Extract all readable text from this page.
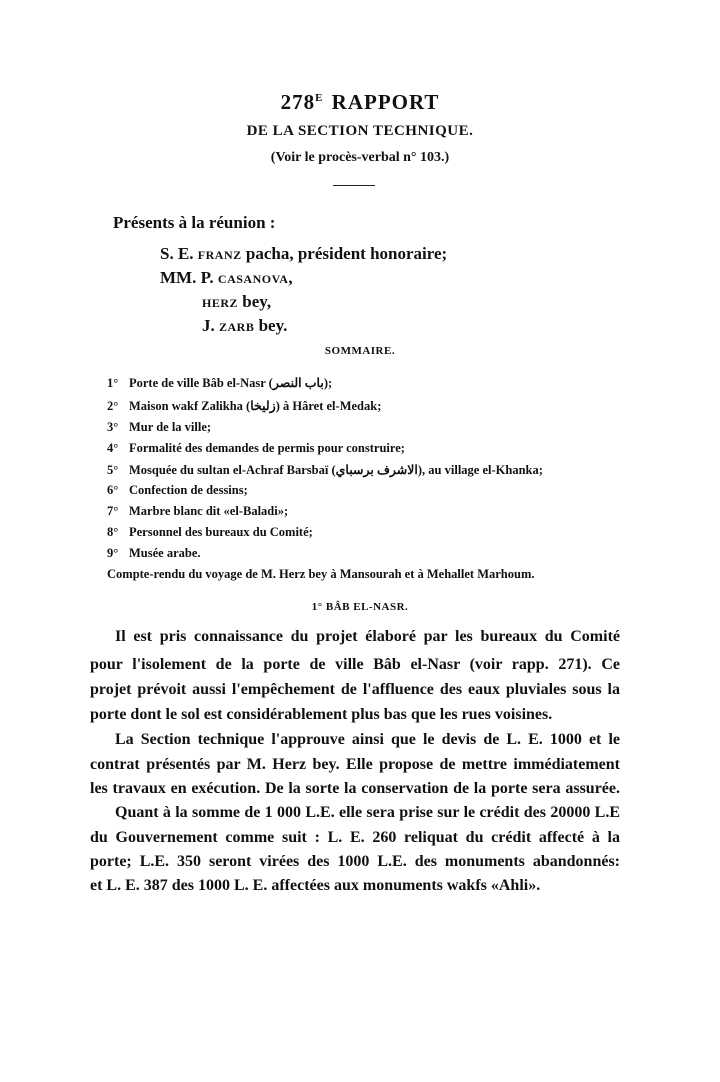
$278^E$ RAPPORT
DE LA SECTION TECHNIQUE.
(Voir le procès-verbal n° 103.)
Présents à la réunion :
S. E. FRANZ pacha, président honoraire;
MM. P. CASANOVA,
HERZ bey,
J. ZARB bey.
SOMMAIRE.
1° Porte de ville Bâb el-Nasr (باب النصر);
2° Maison wakf Zalikha (زليخا) à Hâret el-Medak;
3° Mur de la ville;
4° Formalité des demandes de permis pour construire;
5° Mosquée du sultan el-Achraf Barsbaï (الاشرف برسباي), au village el-Khanka;
6° Confection de dessins;
7° Marbre blanc dit «el-Baladi»;
8° Personnel des bureaux du Comité;
9° Musée arabe.
Compte-rendu du voyage de M. Herz bey à Mansourah et à Mehallet Marhoum.
1° BÂB EL-NASR.
Il est pris connaissance du projet élaboré par les bureaux du Comité
pour l'isolement de la porte de ville Bâb el-Nasr (voir rapp. 271). Ce
projet prévoit aussi l'empêchement de l'affluence des eaux pluviales sous la
porte dont le sol est considérablement plus bas que les rues voisines.
La Section technique l'approuve ainsi que le devis de L. E. 1000 et le
contrat présentés par M. Herz bey. Elle propose de mettre immédiatement
les travaux en exécution. De la sorte la conservation de la porte sera assurée.
Quant à la somme de 1 000 L.E. elle sera prise sur le crédit des 20000 L.E
du Gouvernement comme suit : L. E. 260 reliquat du crédit affecté à la
porte; L.E. 350 seront virées des 1000 L.E. des monuments abandonnés:
et L. E. 387 des 1000 L. E. affectées aux monuments wakfs «Ahli».
